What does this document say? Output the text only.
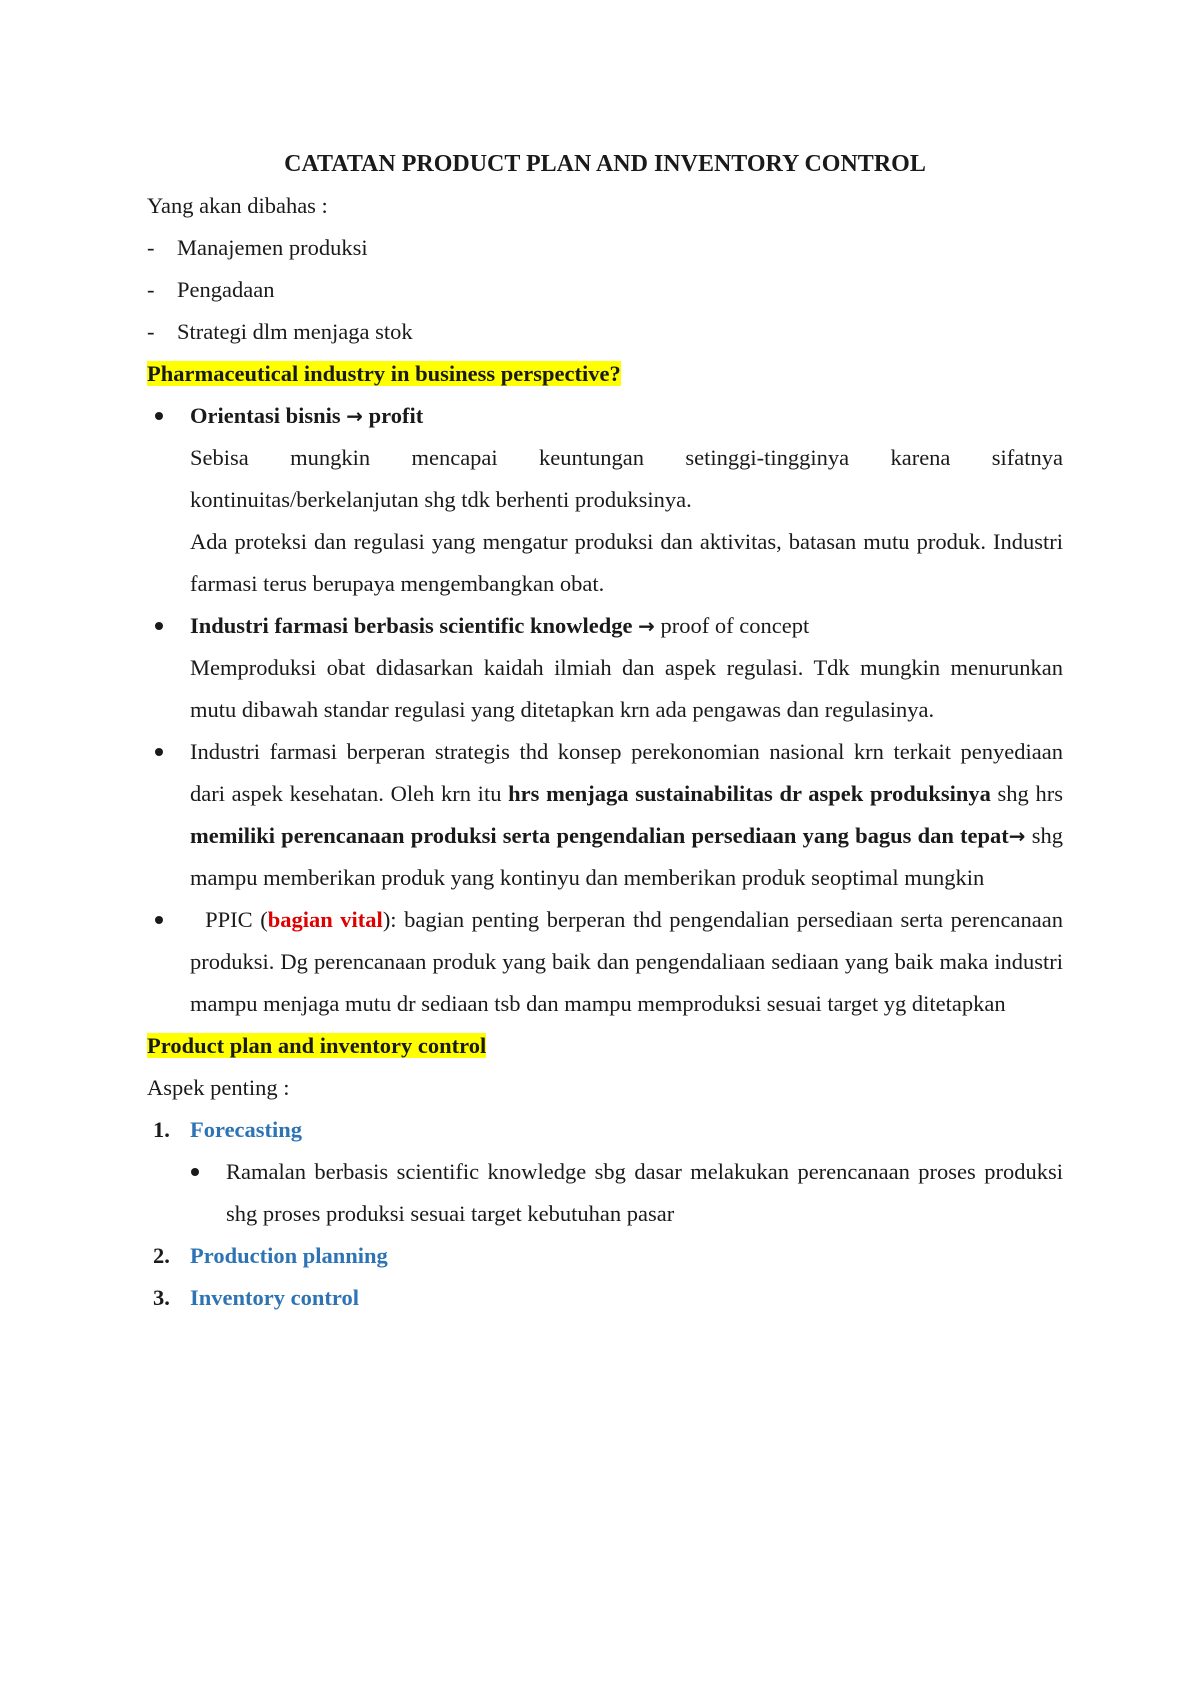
CATATAN PRODUCT PLAN AND INVENTORY CONTROL

Yang akan dibahas :

- Manajemen produksi

- Pengadaan

- Strategi dlm menjaga stok

Pharmaceutical industry in business perspective?

Orientasi bisnis → profit

Sebisa mungkin mencapai keuntungan setinggi-tingginya karena sifatnya kontinuitas/berkelanjutan shg tdk berhenti produksinya.

Ada proteksi dan regulasi yang mengatur produksi dan aktivitas, batasan mutu produk. Industri farmasi terus berupaya mengembangkan obat.

Industri farmasi berbasis scientific knowledge → proof of concept

Memproduksi obat didasarkan kaidah ilmiah dan aspek regulasi. Tdk mungkin menurunkan mutu dibawah standar regulasi yang ditetapkan krn ada pengawas dan regulasinya.

Industri farmasi berperan strategis thd konsep perekonomian nasional krn terkait penyediaan dari aspek kesehatan. Oleh krn itu hrs menjaga sustainabilitas dr aspek produksinya shg hrs memiliki perencanaan produksi serta pengendalian persediaan yang bagus dan tepat→ shg mampu memberikan produk yang kontinyu dan memberikan produk seoptimal mungkin
PPIC (bagian vital): bagian penting berperan thd pengendalian persediaan serta perencanaan produksi. Dg perencanaan produk yang baik dan pengendaliaan sediaan yang baik maka industri mampu menjaga mutu dr sediaan tsb dan mampu memproduksi sesuai target yg ditetapkan

Product plan and inventory control

Aspek penting :

1. Forecasting
Ramalan berbasis scientific knowledge sbg dasar melakukan perencanaan proses produksi shg proses produksi sesuai target kebutuhan pasar
2. Production planning
3. Inventory control
